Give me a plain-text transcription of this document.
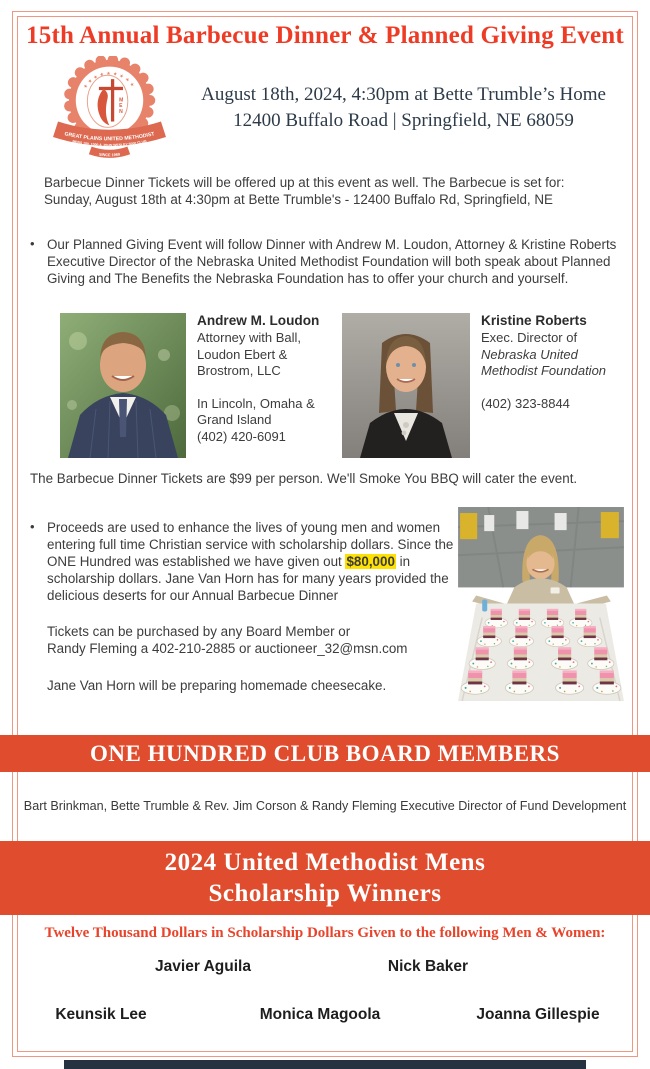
15th Annual Barbecue Dinner & Planned Giving Event
★★★★★★★★★
M
E
N
GREAT PLAINS UNITED METHODIST
MENS 100, 1000 & JOHN WESLEY 5000 CLUB
SINCE 1969
August 18th, 2024, 4:30pm at Bette Trumble’s Home
12400 Buffalo Road | Springfield, NE 68059
Barbecue Dinner Tickets will be offered up at this event as well. The Barbecue is set for:
Sunday, August 18th at 4:30pm at Bette Trumble's - 12400 Buffalo Rd, Springfield, NE
• Our Planned Giving Event will follow Dinner with Andrew M. Loudon, Attorney & Kristine Roberts Executive Director of the Nebraska United Methodist Foundation will both speak about Planned Giving and The Benefits the Nebraska Foundation has to offer your church and yourself.
Andrew M. Loudon
Attorney with Ball,
Loudon Ebert &
Brostrom, LLC
In Lincoln, Omaha &
Grand Island
(402) 420-6091
Kristine Roberts
Exec. Director of
Nebraska United
Methodist Foundation
(402) 323-8844
The Barbecue Dinner Tickets are $99 per person. We'll Smoke You BBQ will cater the event.
• Proceeds are used to enhance the lives of young men and women entering full time Christian service with scholarship dollars. Since the ONE Hundred was established we have given out $80,000 in scholarship dollars. Jane Van Horn has for many years provided the delicious deserts for our Annual Barbecue Dinner
Tickets can be purchased by any Board Member or
Randy Fleming a 402-210-2885 or auctioneer_32@msn.com
Jane Van Horn will be preparing homemade cheesecake.
ONE HUNDRED CLUB BOARD MEMBERS
Bart Brinkman, Bette Trumble & Rev. Jim Corson & Randy Fleming Executive Director of Fund Development
2024 United Methodist Mens
Scholarship Winners
Twelve Thousand Dollars in Scholarship Dollars Given to the following Men & Women:
Javier Aguila	Nick Baker
Keunsik Lee	Monica Magoola	Joanna Gillespie
